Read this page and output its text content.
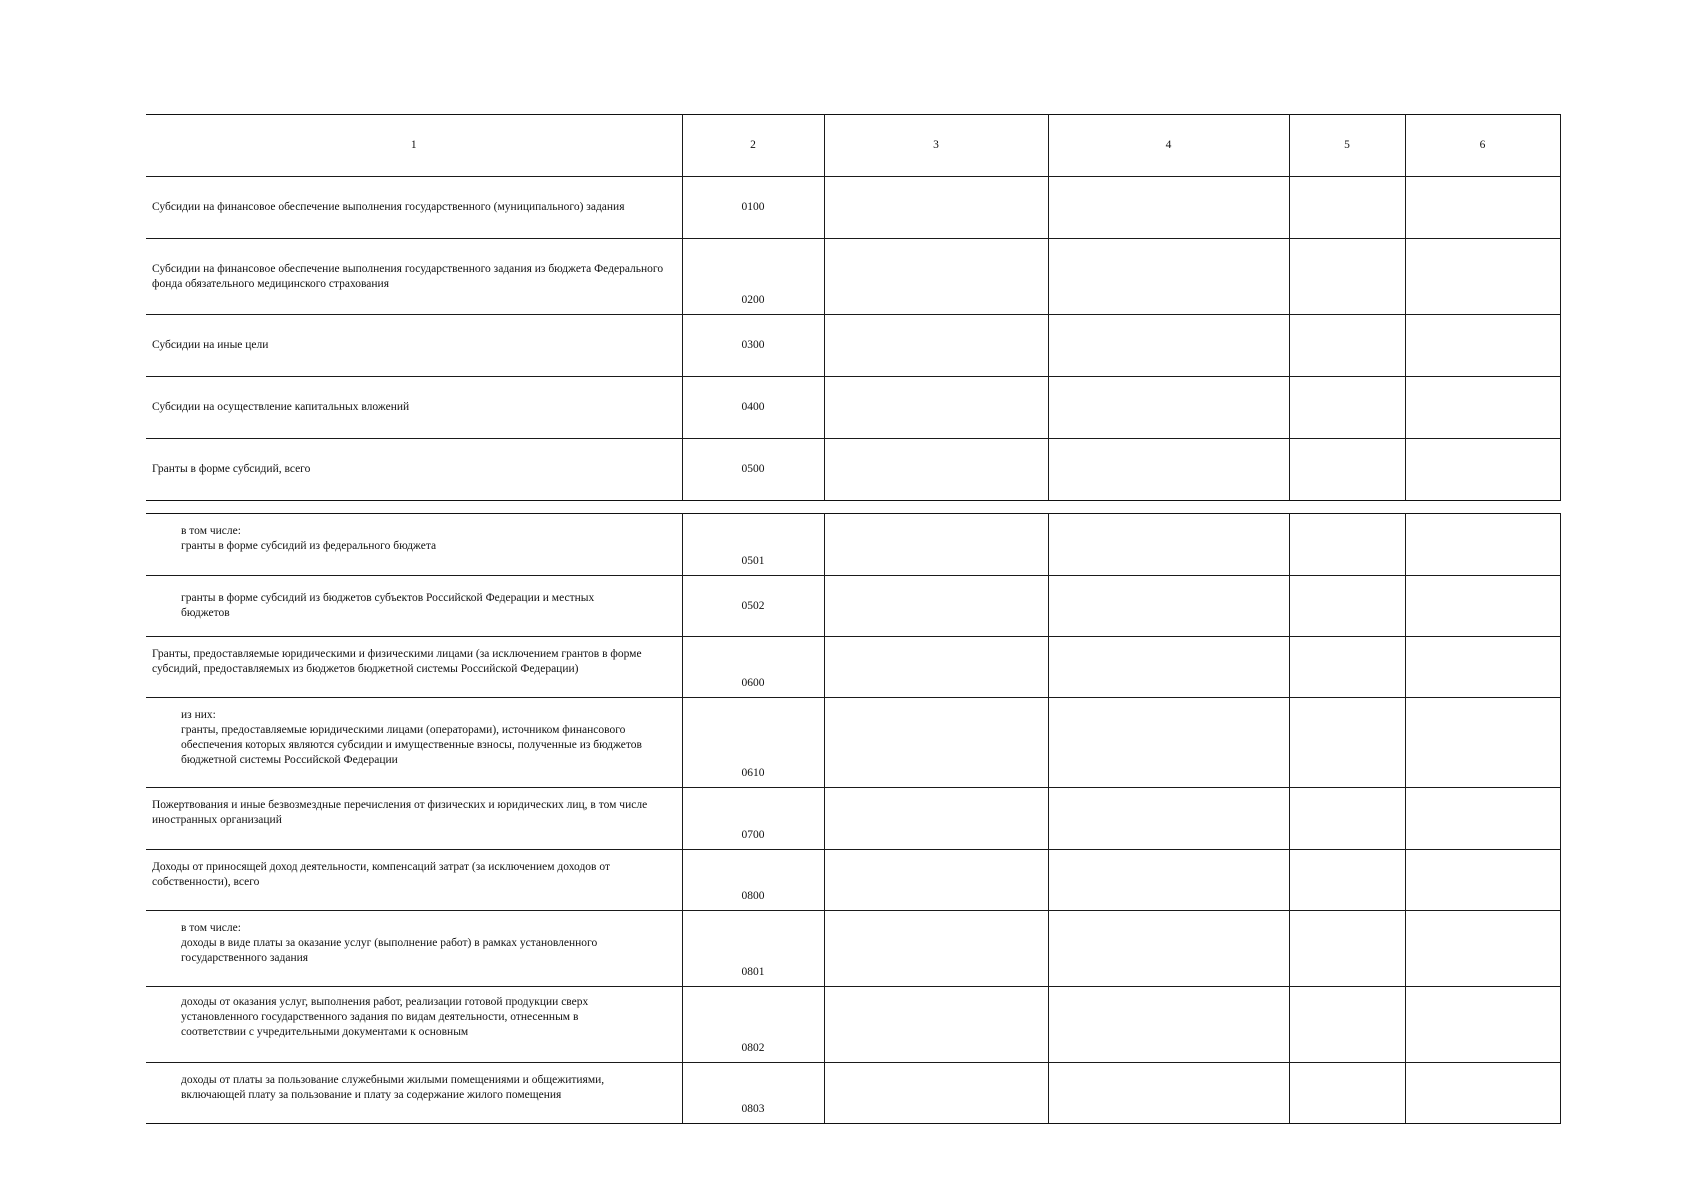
1	2	3	4	5	6
Субсидии на финансовое обеспечение выполнения государственного (муниципального) задания	0100				
Субсидии на финансовое обеспечение выполнения государственного задания из бюджета Федерального фонда обязательного медицинского страхования	0200				
Субсидии на иные цели	0300				
Субсидии на осуществление капитальных вложений	0400				
Гранты в форме субсидий, всего	0500				
в том числе:
гранты в форме субсидий из федерального бюджета	0501				
гранты в форме субсидий из бюджетов субъектов Российской Федерации и местных бюджетов	0502				
Гранты, предоставляемые юридическими и физическими лицами (за исключением грантов в форме субсидий, предоставляемых из бюджетов бюджетной системы Российской Федерации)	0600				

из них:
гранты, предоставляемые юридическими лицами (операторами), источником финансового обеспечения которых являются субсидии и имущественные взносы, полученные из бюджетов бюджетной системы Российской Федерации	0610				
Пожертвования и иные безвозмездные перечисления от физических и юридических лиц, в том числе иностранных организаций	0700				
Доходы от приносящей доход деятельности, компенсаций затрат (за исключением доходов от собственности), всего	0800				

в том числе:
доходы в виде платы за оказание услуг (выполнение работ) в рамках установленного государственного задания	0801				
доходы от оказания услуг, выполнения работ, реализации готовой продукции сверх установленного государственного задания по видам деятельности, отнесенным в соответствии с учредительными документами к основным	0802				
доходы от платы за пользование служебными жилыми помещениями и общежитиями, включающей плату за пользование и плату за содержание жилого помещения	0803				
